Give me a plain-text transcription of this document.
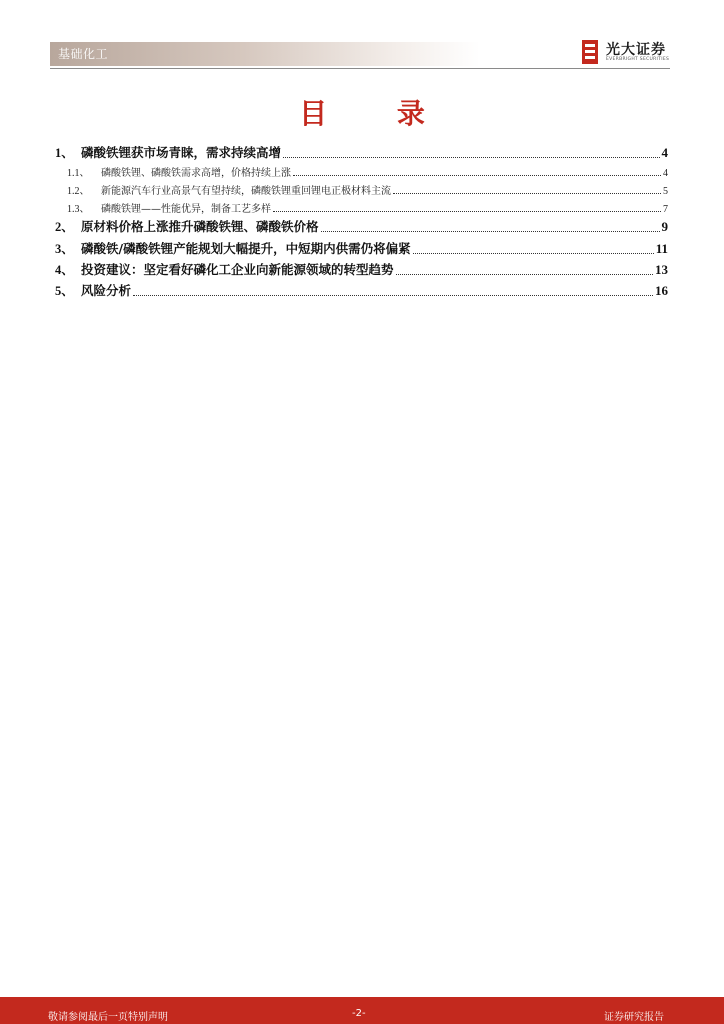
基础化工	光大证券
EVERBRIGHT SECURITIES
目 录
1、 磷酸铁锂获市场青睐，需求持续高增	4
1.1、	磷酸铁锂、磷酸铁需求高增，价格持续上涨	4
1.2、	新能源汽车行业高景气有望持续，磷酸铁锂重回锂电正极材料主流	5
1.3、	磷酸铁锂——性能优异，制备工艺多样	7
2、 原材料价格上涨推升磷酸铁锂、磷酸铁价格	9
3、 磷酸铁/磷酸铁锂产能规划大幅提升，中短期内供需仍将偏紧	11
4、 投资建议：坚定看好磷化工企业向新能源领域的转型趋势	13
5、 风险分析	16
敬请参阅最后一页特别声明	-2-	证券研究报告
